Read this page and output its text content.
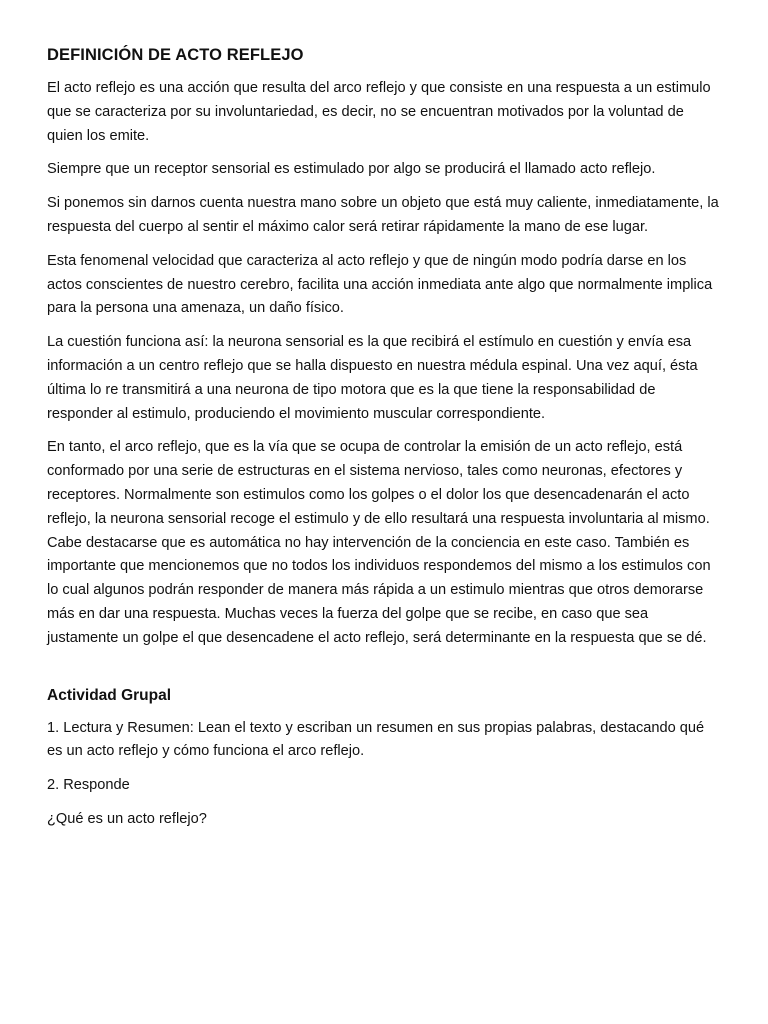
DEFINICIÓN DE ACTO REFLEJO

El acto reflejo es una acción que resulta del arco reflejo y que consiste en una respuesta a un estimulo que se caracteriza por su involuntariedad, es decir, no se encuentran motivados por la voluntad de quien los emite.

Siempre que un receptor sensorial es estimulado por algo se producirá el llamado acto reflejo.

Si ponemos sin darnos cuenta nuestra mano sobre un objeto que está muy caliente, inmediatamente, la respuesta del cuerpo al sentir el máximo calor será retirar rápidamente la mano de ese lugar.

Esta fenomenal velocidad que caracteriza al acto reflejo y que de ningún modo podría darse en los actos conscientes de nuestro cerebro, facilita una acción inmediata ante algo que normalmente implica para la persona una amenaza, un daño físico.

La cuestión funciona así: la neurona sensorial es la que recibirá el estímulo en cuestión y envía esa información a un centro reflejo que se halla dispuesto en nuestra médula espinal. Una vez aquí, ésta última lo re transmitirá a una neurona de tipo motora que es la que tiene la responsabilidad de responder al estimulo, produciendo el movimiento muscular correspondiente.

En tanto, el arco reflejo, que es la vía que se ocupa de controlar la emisión de un acto reflejo, está conformado por una serie de estructuras en el sistema nervioso, tales como neuronas, efectores y receptores. Normalmente son estimulos como los golpes o el dolor los que desencadenarán el acto reflejo, la neurona sensorial recoge el estimulo y de ello resultará una respuesta involuntaria al mismo. Cabe destacarse que es automática no hay intervención de la conciencia en este caso. También es importante que mencionemos que no todos los individuos respondemos del mismo a los estimulos con lo cual algunos podrán responder de manera más rápida a un estimulo mientras que otros demorarse más en dar una respuesta. Muchas veces la fuerza del golpe que se recibe, en caso que sea justamente un golpe el que desencadene el acto reflejo, será determinante en la respuesta que se dé.

Actividad Grupal

1. Lectura y Resumen: Lean el texto y escriban un resumen en sus propias palabras, destacando qué es un acto reflejo y cómo funciona el arco reflejo.

2. Responde

¿Qué es un acto reflejo?
